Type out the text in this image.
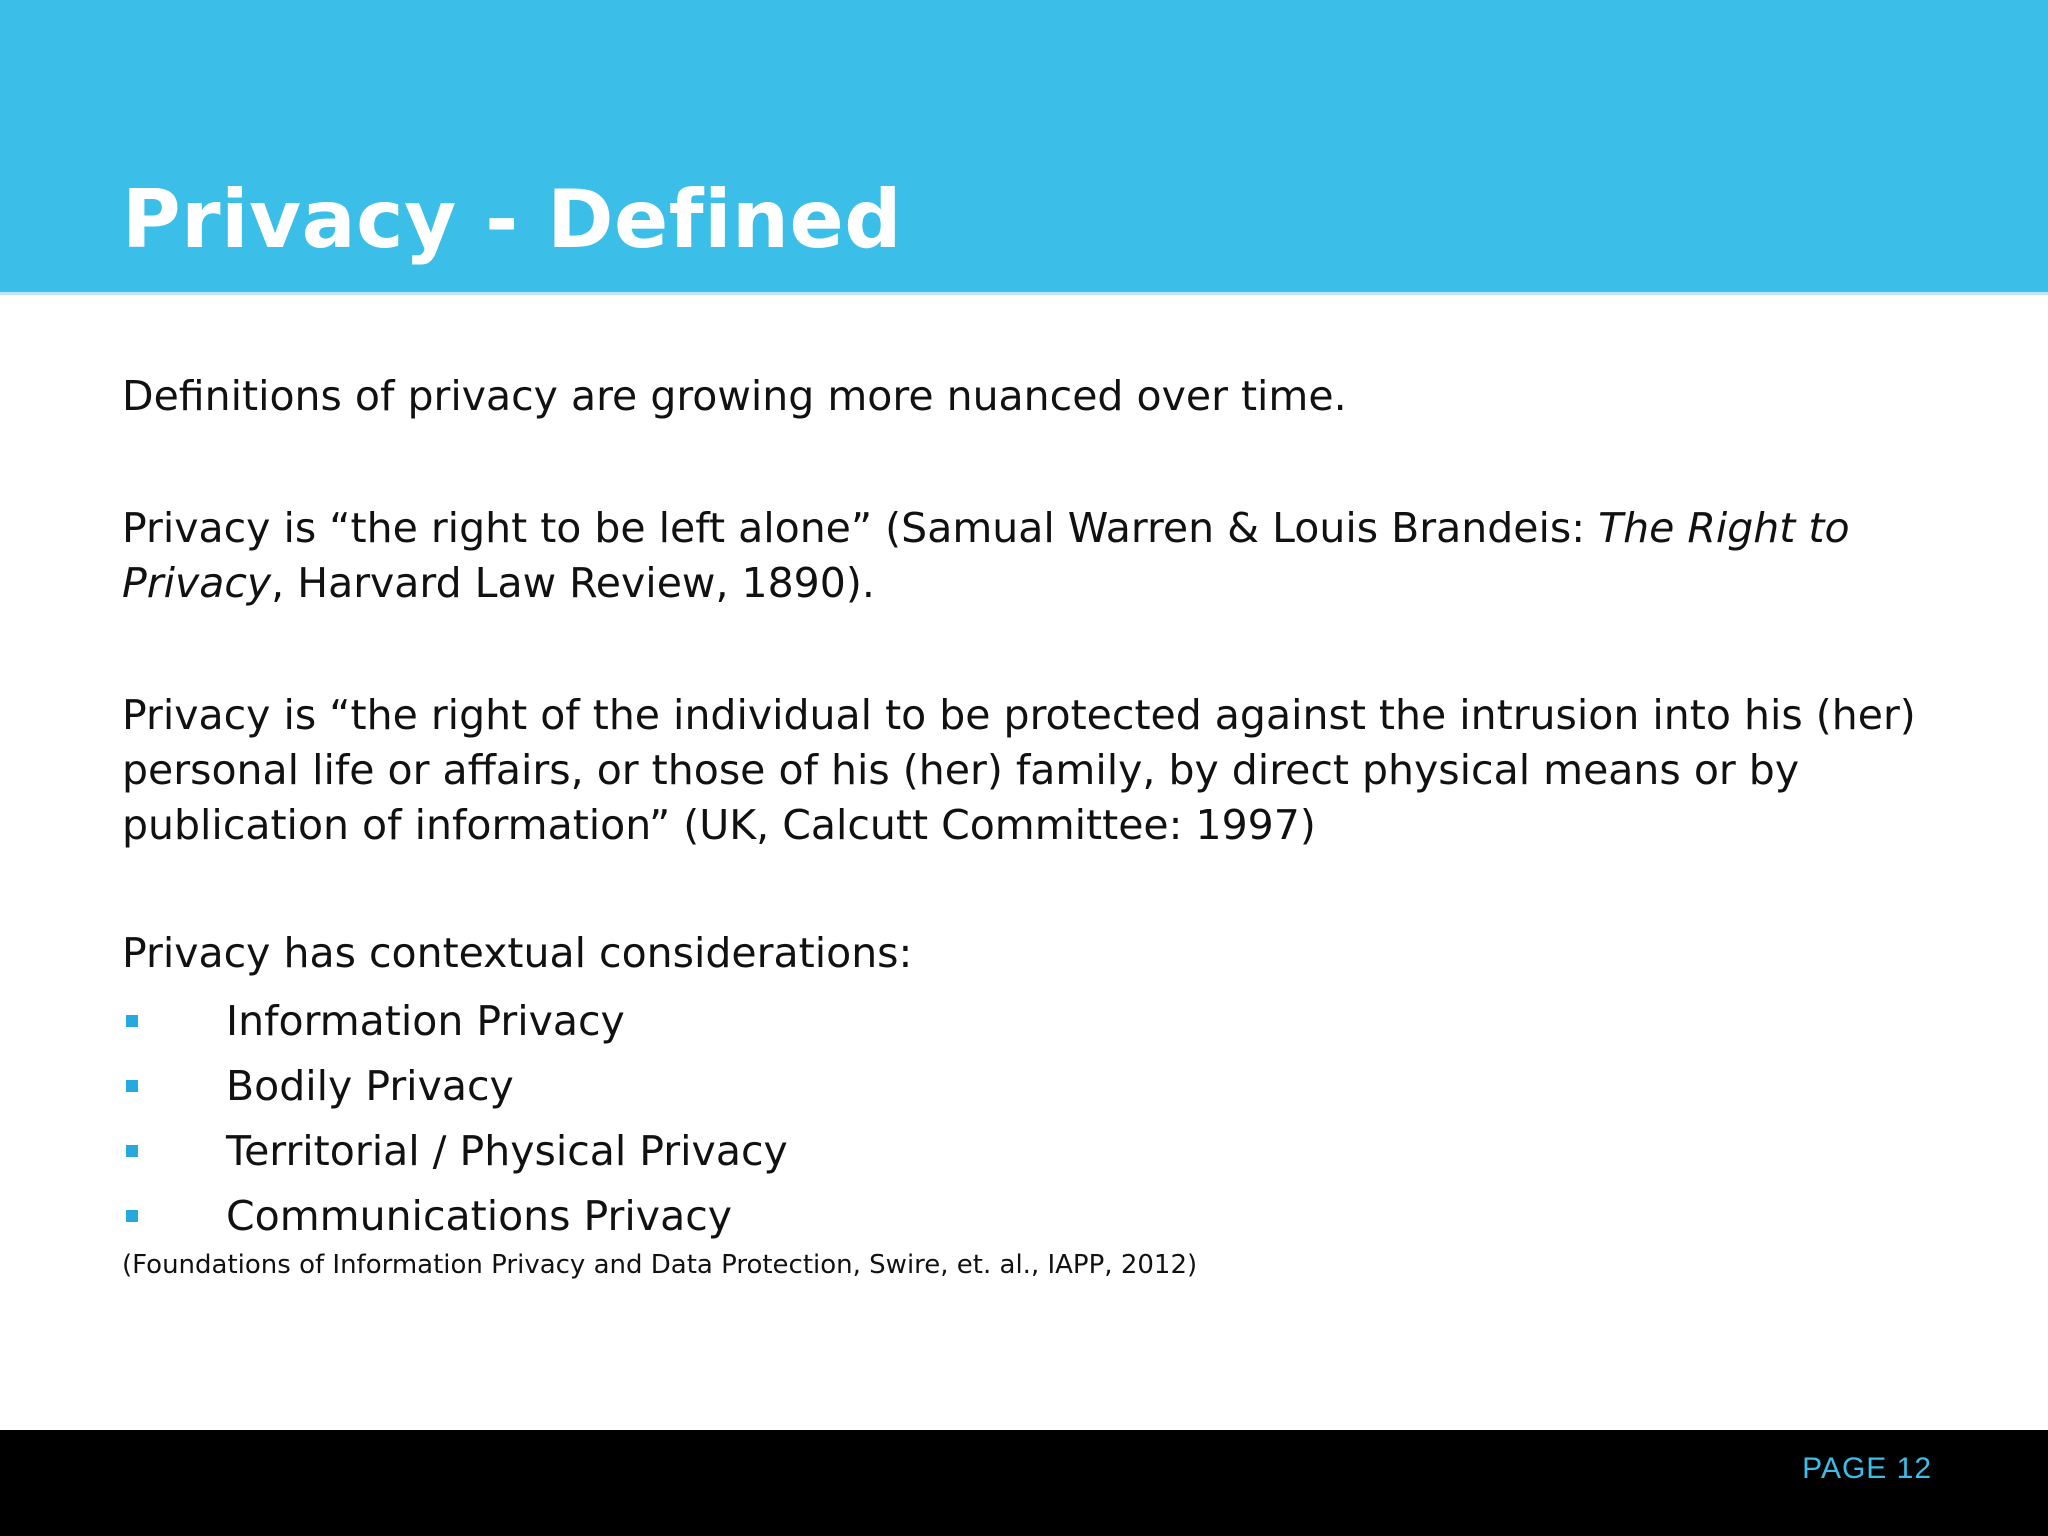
Privacy - Defined

Definitions of privacy are growing more nuanced over time.

Privacy is “the right to be left alone” (Samual Warren & Louis Brandeis: The Right to Privacy, Harvard Law Review, 1890).

Privacy is “the right of the individual to be protected against the intrusion into his (her) personal life or affairs, or those of his (her) family, by direct physical means or by publication of information” (UK, Calcutt Committee: 1997)

Privacy has contextual considerations:

Information Privacy
Bodily Privacy
Territorial / Physical Privacy
Communications Privacy

(Foundations of Information Privacy and Data Protection, Swire, et. al., IAPP, 2012)

PAGE 12
